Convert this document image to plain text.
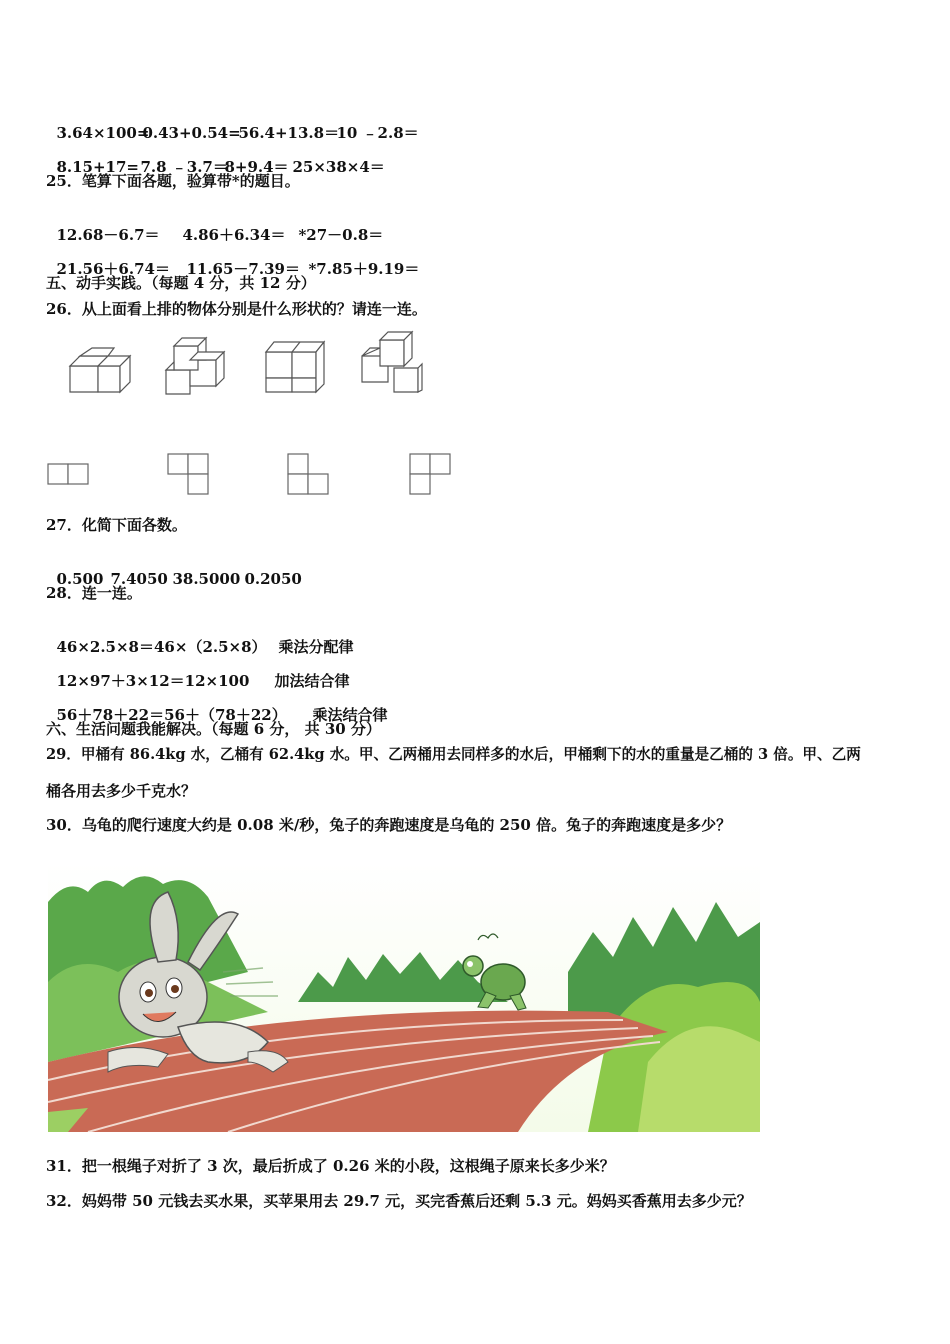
3.64×100=0.43+0.54=56.4+13.8＝10 ﹣2.8＝

8.15+17=7.8 ﹣3.7＝8+9.4＝ 25×38×4＝

25．笔算下面各题，验算带*的题目。

12.68－6.7＝ 4.86＋6.34＝ *27－0.8＝

21.56＋6.74＝ 11.65－7.39＝ *7.85＋9.19＝

五、动手实践。（每题 4 分，共 12 分）
26．从上面看上排的物体分别是什么形状的？请连一连。
27．化简下面各数。

0.500 7.4050 38.5000 0.2050

28．连一连。

46×2.5×8＝46×（2.5×8） 乘法分配律

12×97＋3×12＝12×100 加法结合律

56＋78＋22＝56＋（78＋22） 乘法结合律

六、生活问题我能解决。（每题 6 分， 共 30 分）
29．甲桶有 86.4kg 水，乙桶有 62.4kg 水。甲、乙两桶用去同样多的水后，甲桶剩下的水的重量是乙桶的 3 倍。甲、乙两
桶各用去多少千克水？
30．乌龟的爬行速度大约是 0.08 米/秒，兔子的奔跑速度是乌龟的 250 倍。兔子的奔跑速度是多少？
31．把一根绳子对折了 3 次，最后折成了 0.26 米的小段，这根绳子原来长多少米？
32．妈妈带 50 元钱去买水果，买苹果用去 29.7 元，买完香蕉后还剩 5.3 元。妈妈买香蕉用去多少元？
